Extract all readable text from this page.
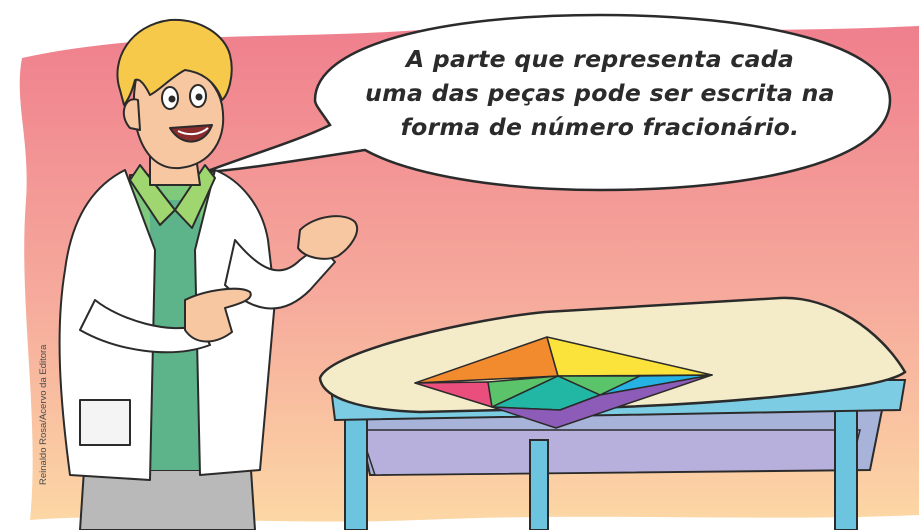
A parte que representa cada
uma das peças pode ser escrita na
forma de número fracionário.
Reinaldo Rosa/Acervo da Editora
